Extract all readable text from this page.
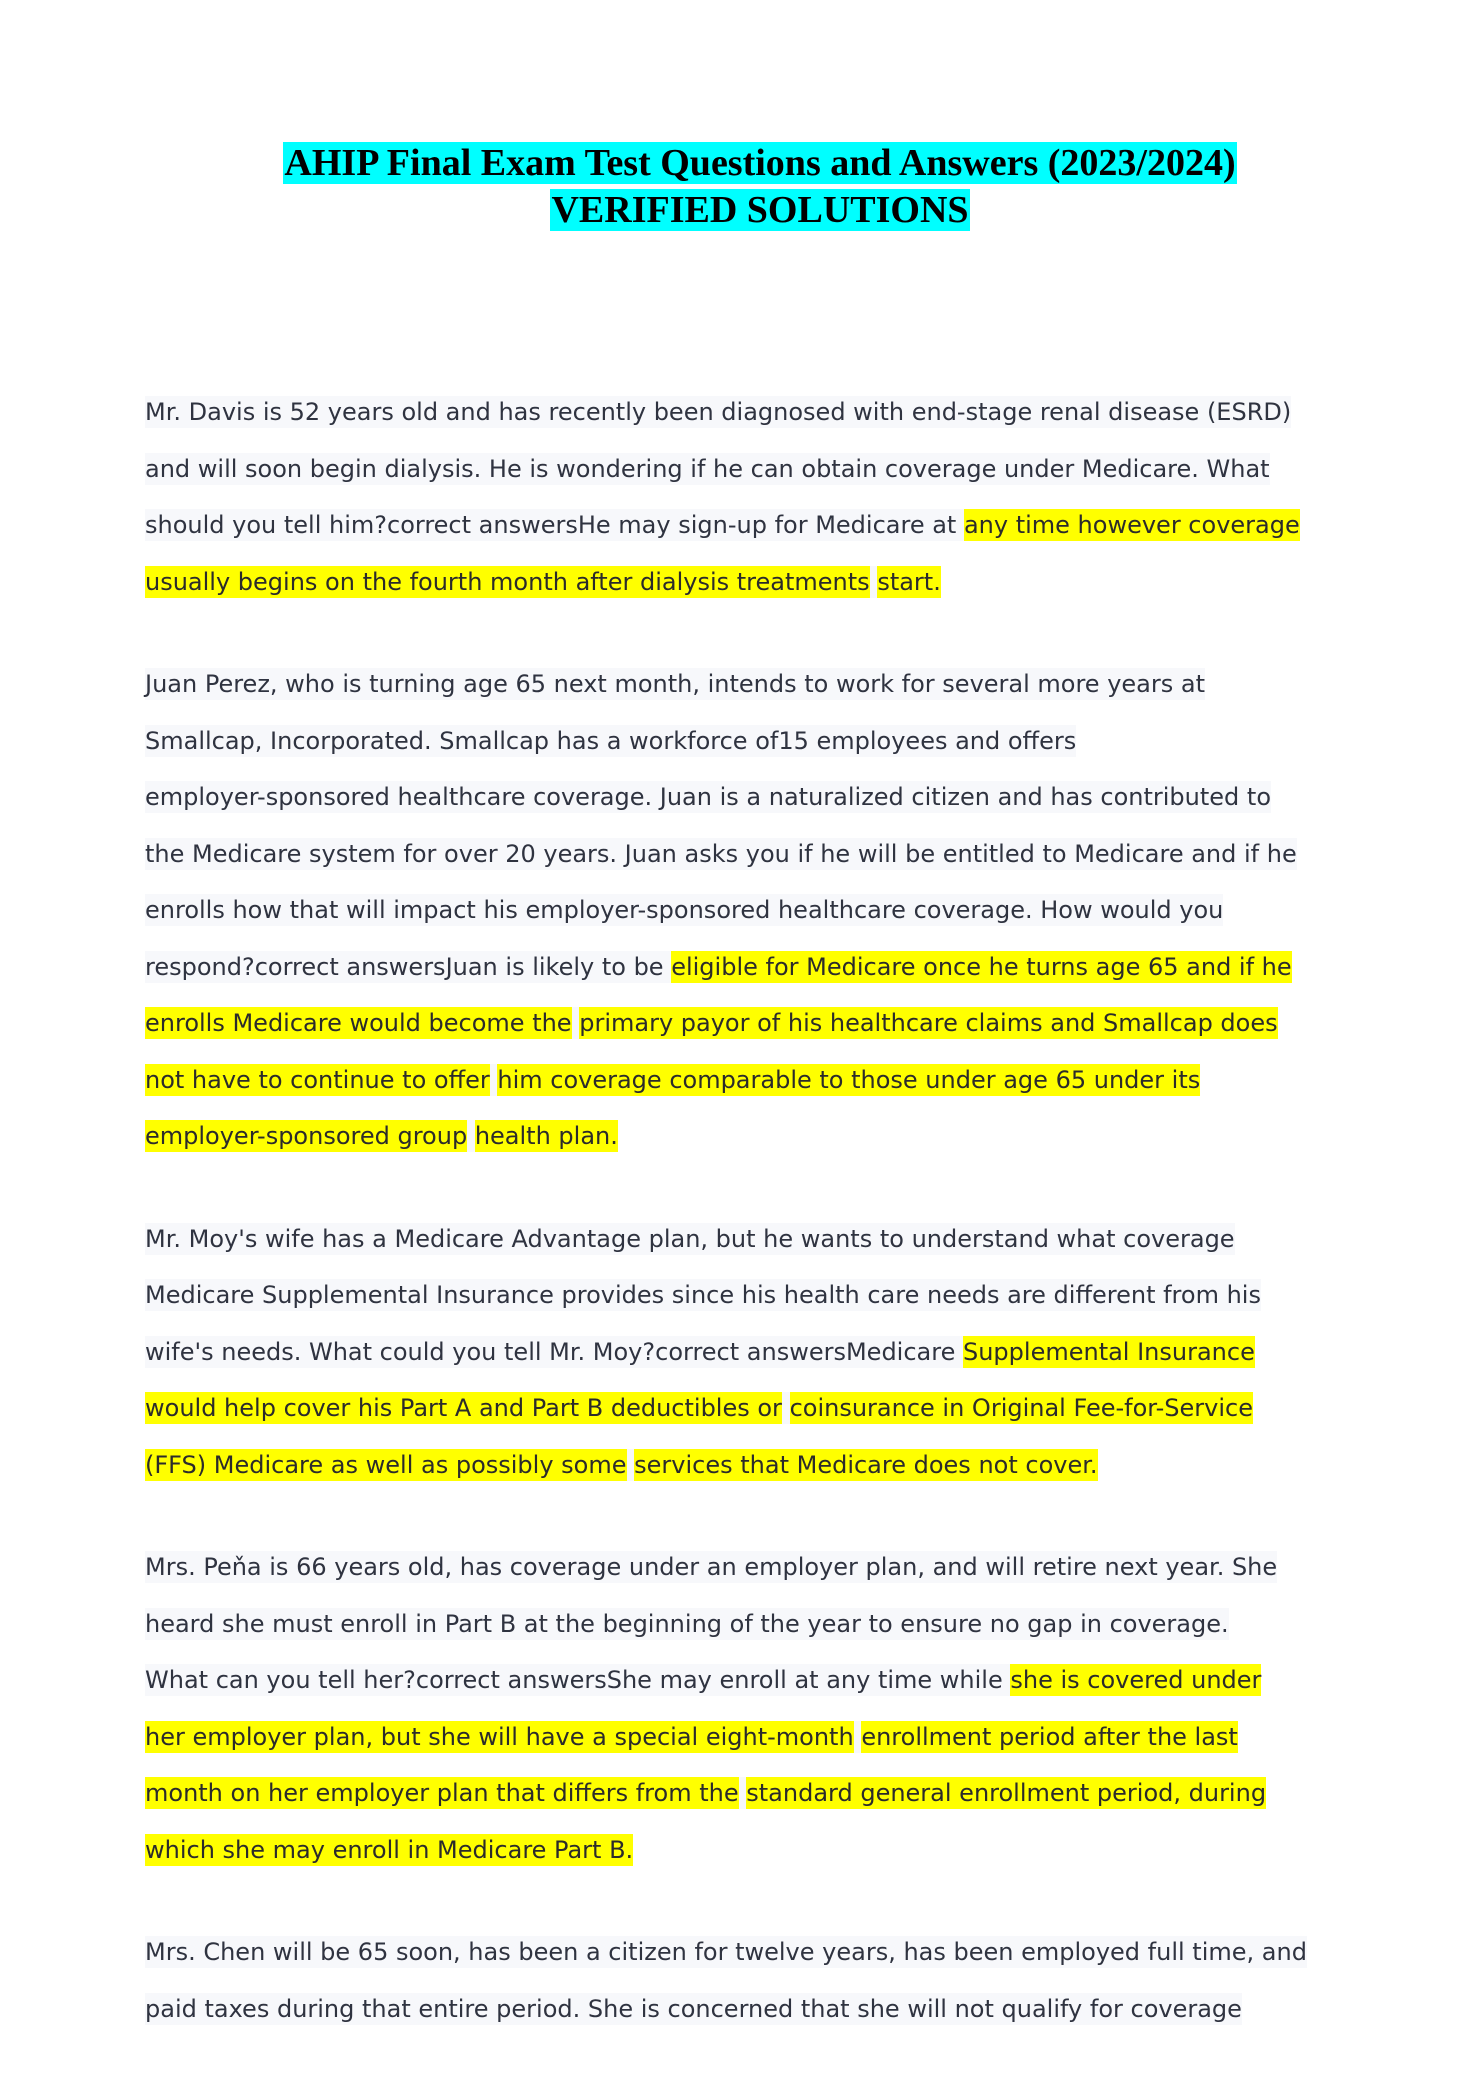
AHIP Final Exam Test Questions and Answers (2023/2024)
VERIFIED SOLUTIONS
Mr. Davis is 52 years old and has recently been diagnosed with end-stage renal disease (ESRD)
and will soon begin dialysis. He is wondering if he can obtain coverage under Medicare. What
should you tell him?correct answersHe may sign-up for Medicare at any time however coverage
usually begins on the fourth month after dialysis treatments start.
Juan Perez, who is turning age 65 next month, intends to work for several more years at
Smallcap, Incorporated. Smallcap has a workforce of15 employees and offers
employer-sponsored healthcare coverage. Juan is a naturalized citizen and has contributed to
the Medicare system for over 20 years. Juan asks you if he will be entitled to Medicare and if he
enrolls how that will impact his employer-sponsored healthcare coverage. How would you
respond?correct answersJuan is likely to be eligible for Medicare once he turns age 65 and if he
enrolls Medicare would become the primary payor of his healthcare claims and Smallcap does
not have to continue to offer him coverage comparable to those under age 65 under its
employer-sponsored group health plan.
Mr. Moy's wife has a Medicare Advantage plan, but he wants to understand what coverage
Medicare Supplemental Insurance provides since his health care needs are different from his
wife's needs. What could you tell Mr. Moy?correct answersMedicare Supplemental Insurance
would help cover his Part A and Part B deductibles or coinsurance in Original Fee-for-Service
(FFS) Medicare as well as possibly some services that Medicare does not cover.
Mrs. Peňa is 66 years old, has coverage under an employer plan, and will retire next year. She
heard she must enroll in Part B at the beginning of the year to ensure no gap in coverage.
What can you tell her?correct answersShe may enroll at any time while she is covered under
her employer plan, but she will have a special eight-month enrollment period after the last
month on her employer plan that differs from the standard general enrollment period, during
which she may enroll in Medicare Part B.
Mrs. Chen will be 65 soon, has been a citizen for twelve years, has been employed full time, and
paid taxes during that entire period. She is concerned that she will not qualify for coverage
